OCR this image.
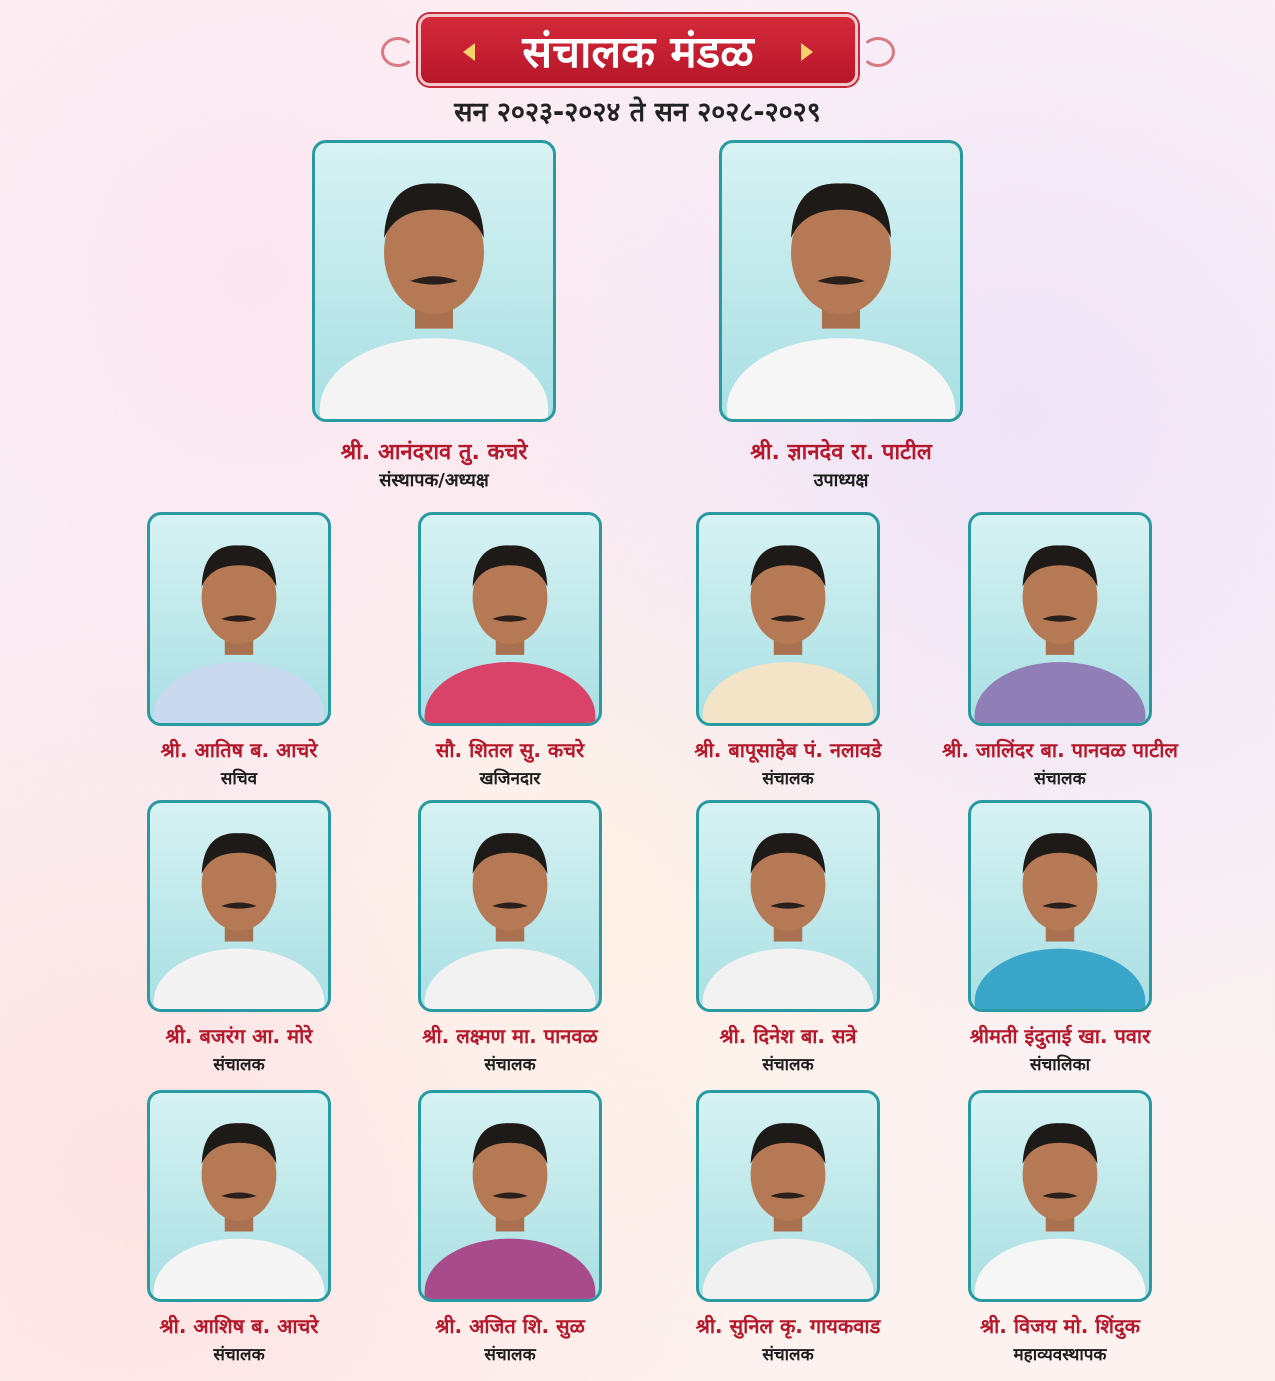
संचालक मंडळ
सन २०२३-२०२४ ते सन २०२८-२०२९
श्री. आनंदराव तु. कचरे
संस्थापक/अध्यक्ष
श्री. ज्ञानदेव रा. पाटील
उपाध्यक्ष
श्री. आतिष ब. आचरे
सचिव
सौ. शितल सु. कचरे
खजिनदार
श्री. बापूसाहेब पं. नलावडे
संचालक
श्री. जालिंदर बा. पानवळ पाटील
संचालक
श्री. बजरंग आ. मोरे
संचालक
श्री. लक्ष्मण मा. पानवळ
संचालक
श्री. दिनेश बा. सत्रे
संचालक
श्रीमती इंदुताई खा. पवार
संचालिका
श्री. आशिष ब. आचरे
संचालक
श्री. अजित शि. सुळ
संचालक
श्री. सुनिल कृ. गायकवाड
संचालक
श्री. विजय मो. शिंदुक
महाव्यवस्थापक
